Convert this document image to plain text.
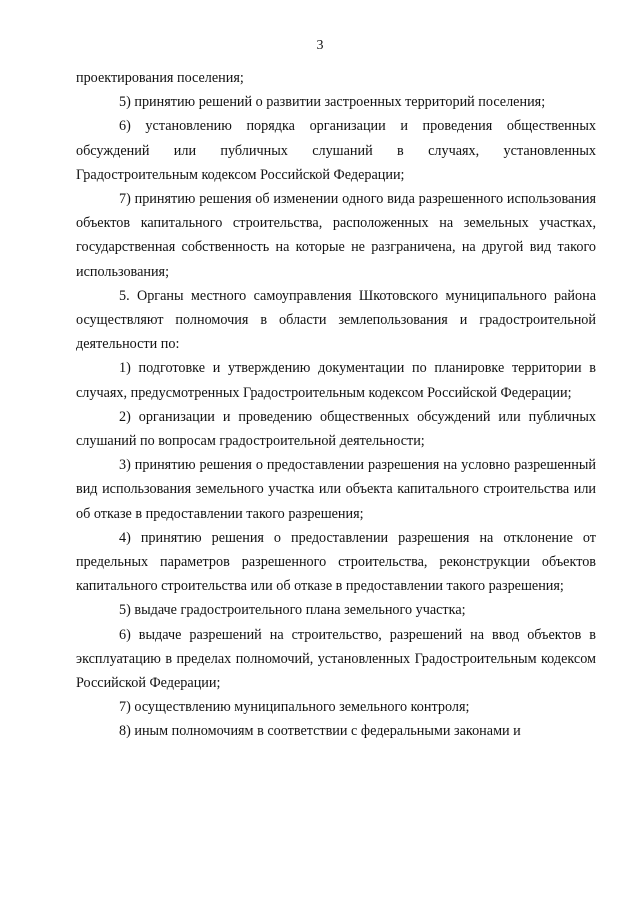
3

проектирования поселения;

5) принятию решений о развитии застроенных территорий поселения;

6) установлению порядка организации и проведения общественных обсуждений или публичных слушаний в случаях, установленных Градостроительным кодексом Российской Федерации;

7) принятию решения об изменении одного вида разрешенного использования объектов капитального строительства, расположенных на земельных участках, государственная собственность на которые не разграничена, на другой вид такого использования;

5. Органы местного самоуправления Шкотовского муниципального района осуществляют полномочия в области землепользования и градостроительной деятельности по:

1) подготовке и утверждению документации по планировке территории в случаях, предусмотренных Градостроительным кодексом Российской Федерации;

2) организации и проведению общественных обсуждений или публичных слушаний по вопросам градостроительной деятельности;

3) принятию решения о предоставлении разрешения на условно разрешенный вид использования земельного участка или объекта капитального строительства или об отказе в предоставлении такого разрешения;

4) принятию решения о предоставлении разрешения на отклонение от предельных параметров разрешенного строительства, реконструкции объектов капитального строительства или об отказе в предоставлении такого разрешения;

5) выдаче градостроительного плана земельного участка;

6) выдаче разрешений на строительство, разрешений на ввод объектов в эксплуатацию в пределах полномочий, установленных Градостроительным кодексом Российской Федерации;

7) осуществлению муниципального земельного контроля;

8) иным полномочиям в соответствии с федеральными законами и
